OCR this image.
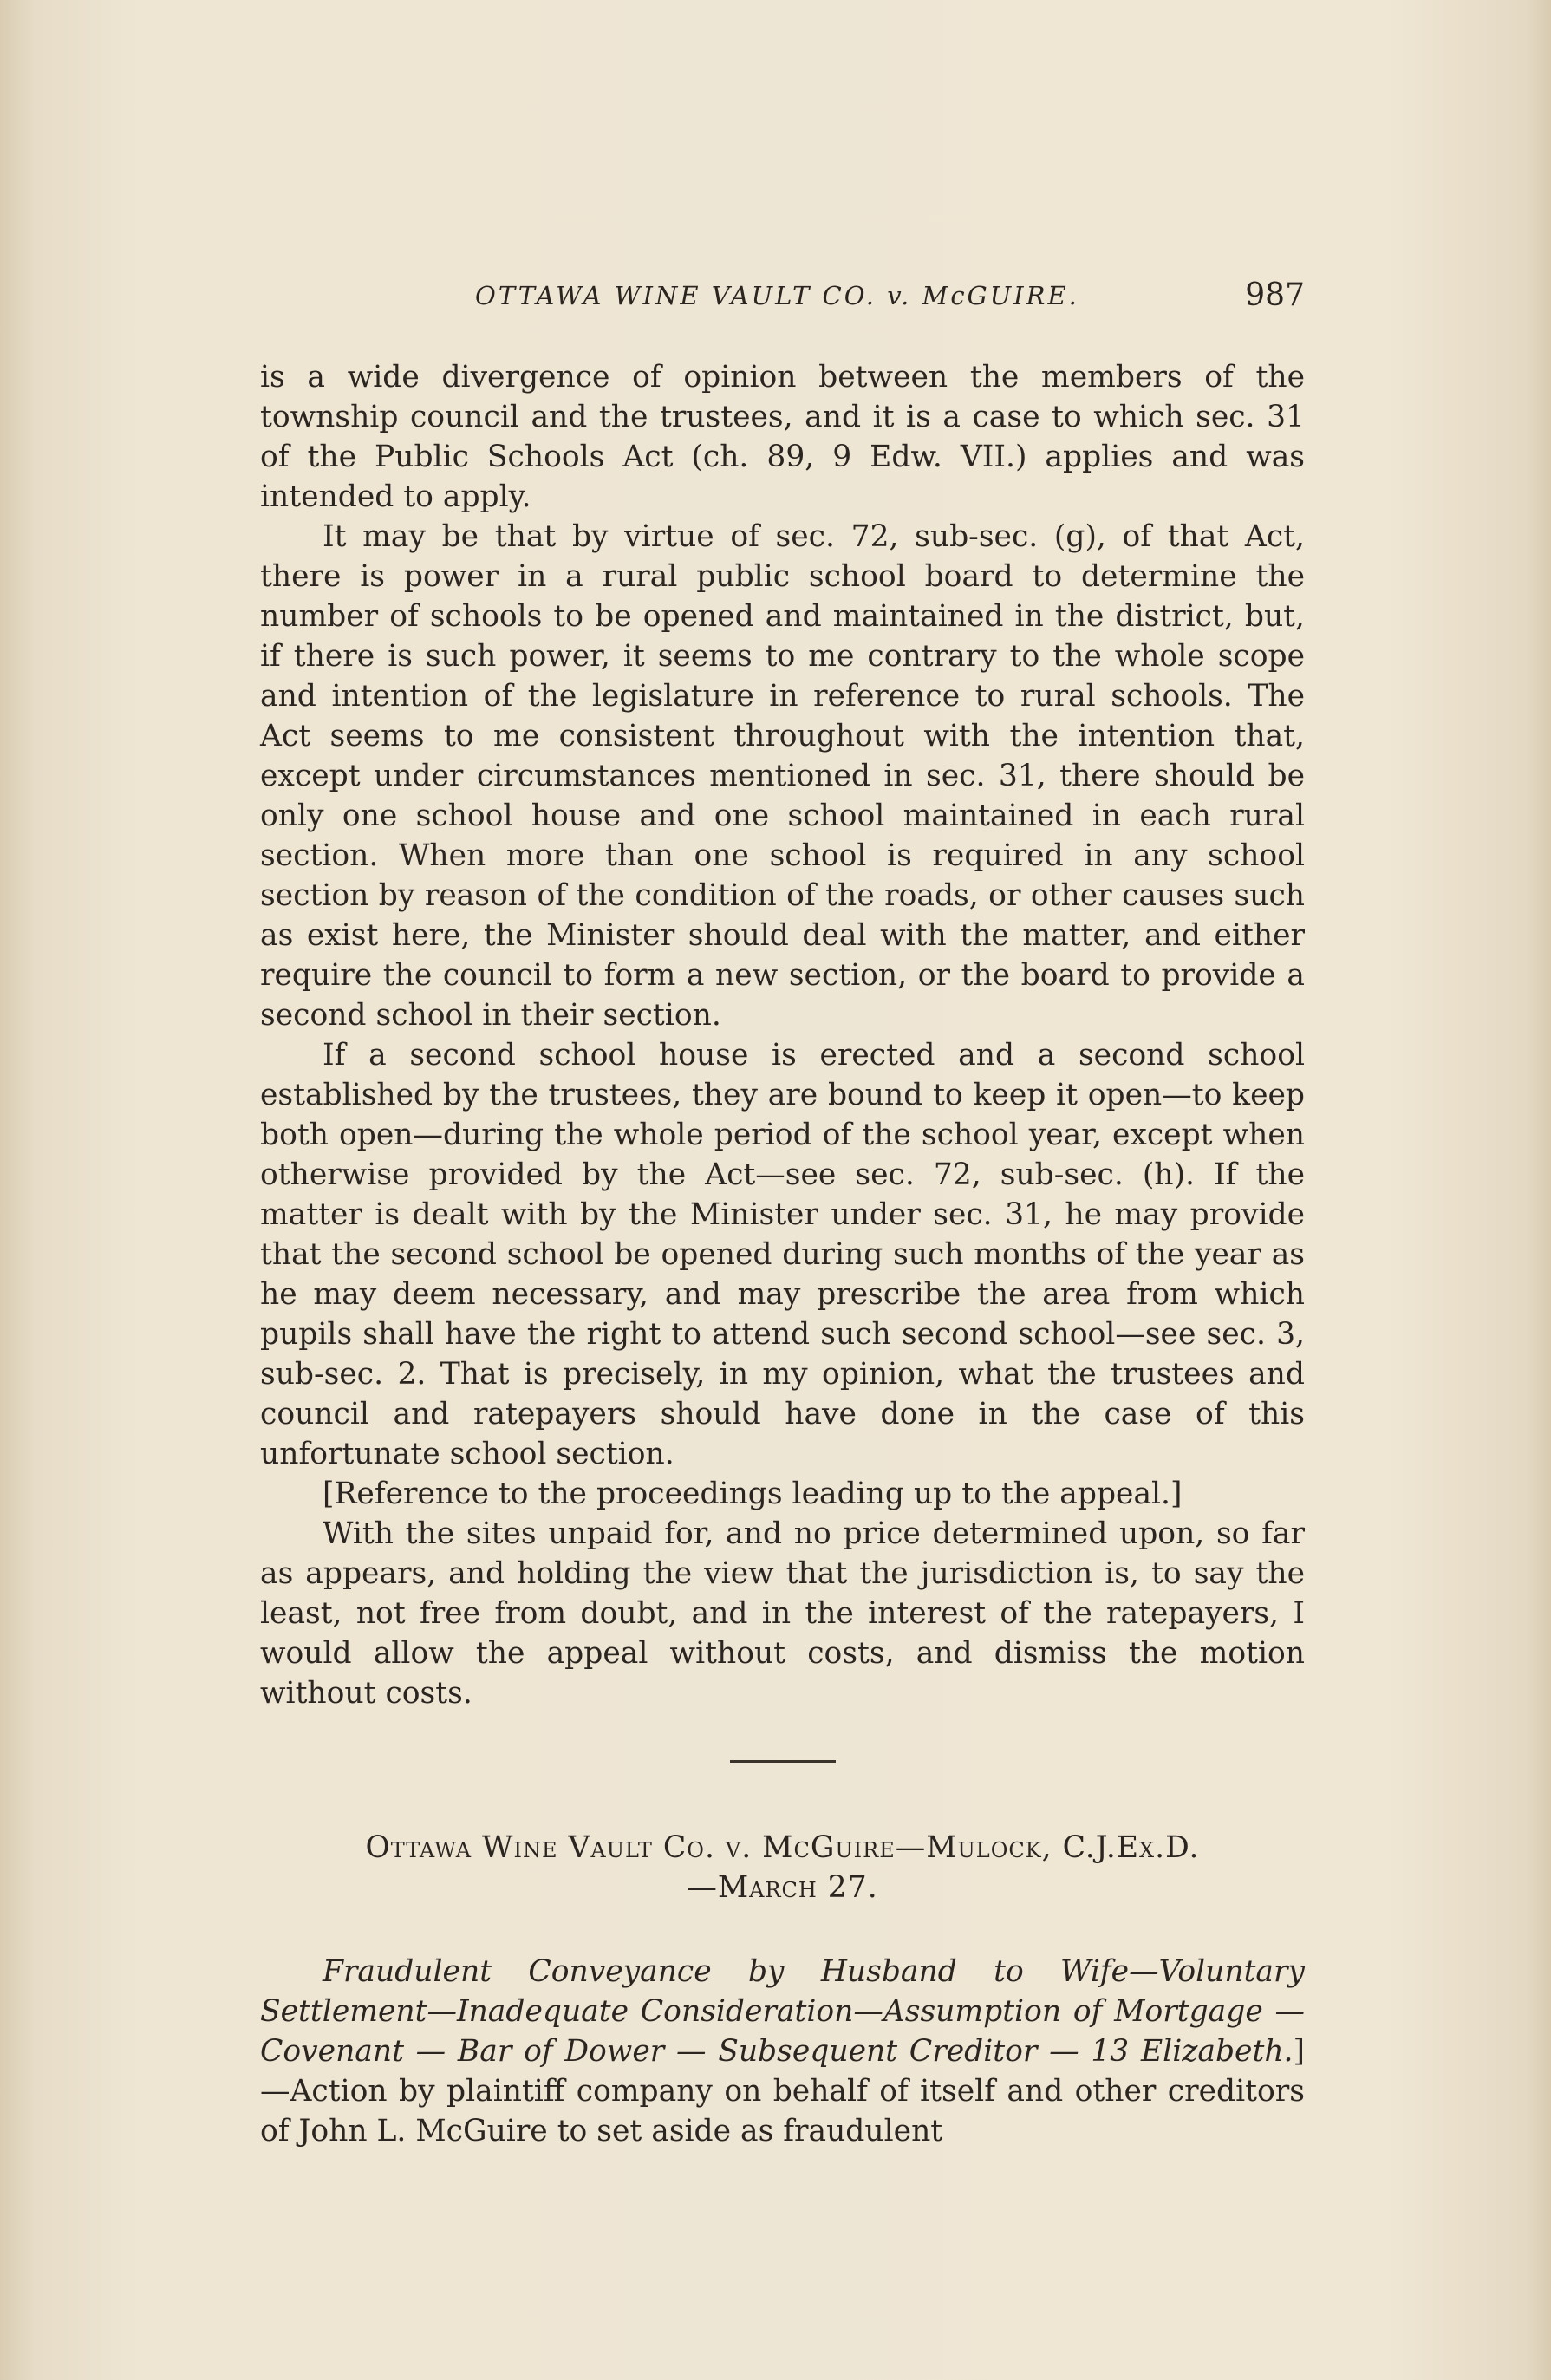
OTTAWA WINE VAULT CO. v. McGUIRE.	987

is a wide divergence of opinion between the members of the township council and the trustees, and it is a case to which sec. 31 of the Public Schools Act (ch. 89, 9 Edw. VII.) applies and was intended to apply.

It may be that by virtue of sec. 72, sub-sec. (g), of that Act, there is power in a rural public school board to determine the number of schools to be opened and maintained in the district, but, if there is such power, it seems to me contrary to the whole scope and intention of the legislature in reference to rural schools. The Act seems to me consistent throughout with the intention that, except under circumstances mentioned in sec. 31, there should be only one school house and one school maintained in each rural section. When more than one school is required in any school section by reason of the condition of the roads, or other causes such as exist here, the Minister should deal with the matter, and either require the council to form a new section, or the board to provide a second school in their section.

If a second school house is erected and a second school established by the trustees, they are bound to keep it open—to keep both open—during the whole period of the school year, except when otherwise provided by the Act—see sec. 72, sub-sec. (h). If the matter is dealt with by the Minister under sec. 31, he may provide that the second school be opened during such months of the year as he may deem necessary, and may prescribe the area from which pupils shall have the right to attend such second school—see sec. 3, sub-sec. 2. That is precisely, in my opinion, what the trustees and council and ratepayers should have done in the case of this unfortunate school section.

[Reference to the proceedings leading up to the appeal.]

With the sites unpaid for, and no price determined upon, so far as appears, and holding the view that the jurisdiction is, to say the least, not free from doubt, and in the interest of the ratepayers, I would allow the appeal without costs, and dismiss the motion without costs.

Ottawa Wine Vault Co. v. McGuire—Mulock, C.J.Ex.D.
—March 27.

Fraudulent Conveyance by Husband to Wife—Voluntary Settlement—Inadequate Consideration—Assumption of Mortgage — Covenant — Bar of Dower — Subsequent Creditor — 13 Elizabeth.]—Action by plaintiff company on behalf of itself and other creditors of John L. McGuire to set aside as fraudulent
